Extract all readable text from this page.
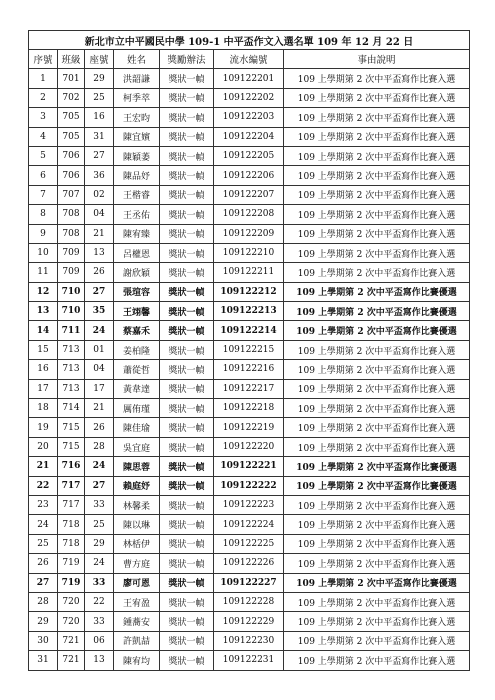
新北市立中平國民中學 109-1 中平盃作文入選名單 109 年 12 月 22 日						
序號	班級	座號	姓名	獎勵辦法	流水編號	事由說明
1	701	29	洪韶謙	獎狀一幀	109122201	109 上學期第 2 次中平盃寫作比賽入選
2	702	25	柯季萃	獎狀一幀	109122202	109 上學期第 2 次中平盃寫作比賽入選
3	705	16	王宏昀	獎狀一幀	109122203	109 上學期第 2 次中平盃寫作比賽入選
4	705	31	陳宜嬪	獎狀一幀	109122204	109 上學期第 2 次中平盃寫作比賽入選
5	706	27	陳穎萎	獎狀一幀	109122205	109 上學期第 2 次中平盃寫作比賽入選
6	706	36	陳品妤	獎狀一幀	109122206	109 上學期第 2 次中平盃寫作比賽入選
7	707	02	王楷睿	獎狀一幀	109122207	109 上學期第 2 次中平盃寫作比賽入選
8	708	04	王丞佑	獎狀一幀	109122208	109 上學期第 2 次中平盃寫作比賽入選
9	708	21	陳宥臻	獎狀一幀	109122209	109 上學期第 2 次中平盃寫作比賽入選
10	709	13	呂權恩	獎狀一幀	109122210	109 上學期第 2 次中平盃寫作比賽入選
11	709	26	謝欣穎	獎狀一幀	109122211	109 上學期第 2 次中平盃寫作比賽入選
12	710	27	張瑄容	獎狀一幀	109122212	109 上學期第 2 次中平盃寫作比賽優選
13	710	35	王翊馨	獎狀一幀	109122213	109 上學期第 2 次中平盃寫作比賽優選
14	711	24	蔡嘉禾	獎狀一幀	109122214	109 上學期第 2 次中平盃寫作比賽優選
15	713	01	姜柏隆	獎狀一幀	109122215	109 上學期第 2 次中平盃寫作比賽入選
16	713	04	蕭從哲	獎狀一幀	109122216	109 上學期第 2 次中平盃寫作比賽入選
17	713	17	黃韋達	獎狀一幀	109122217	109 上學期第 2 次中平盃寫作比賽入選
18	714	21	厲侑瑾	獎狀一幀	109122218	109 上學期第 2 次中平盃寫作比賽入選
19	715	26	陳佳瑜	獎狀一幀	109122219	109 上學期第 2 次中平盃寫作比賽入選
20	715	28	吳宜庭	獎狀一幀	109122220	109 上學期第 2 次中平盃寫作比賽入選
21	716	24	陳思蓉	獎狀一幀	109122221	109 上學期第 2 次中平盃寫作比賽優選
22	717	27	賴庭妤	獎狀一幀	109122222	109 上學期第 2 次中平盃寫作比賽優選
23	717	33	林馨柔	獎狀一幀	109122223	109 上學期第 2 次中平盃寫作比賽入選
24	718	25	陳以琳	獎狀一幀	109122224	109 上學期第 2 次中平盃寫作比賽入選
25	718	29	林栝伊	獎狀一幀	109122225	109 上學期第 2 次中平盃寫作比賽入選
26	719	24	曹方庭	獎狀一幀	109122226	109 上學期第 2 次中平盃寫作比賽入選
27	719	33	廖可恩	獎狀一幀	109122227	109 上學期第 2 次中平盃寫作比賽優選
28	720	22	王宥盈	獎狀一幀	109122228	109 上學期第 2 次中平盃寫作比賽入選
29	720	33	鍾蕎安	獎狀一幀	109122229	109 上學期第 2 次中平盃寫作比賽入選
30	721	06	許凱喆	獎狀一幀	109122230	109 上學期第 2 次中平盃寫作比賽入選
31	721	13	陳宥均	獎狀一幀	109122231	109 上學期第 2 次中平盃寫作比賽入選
